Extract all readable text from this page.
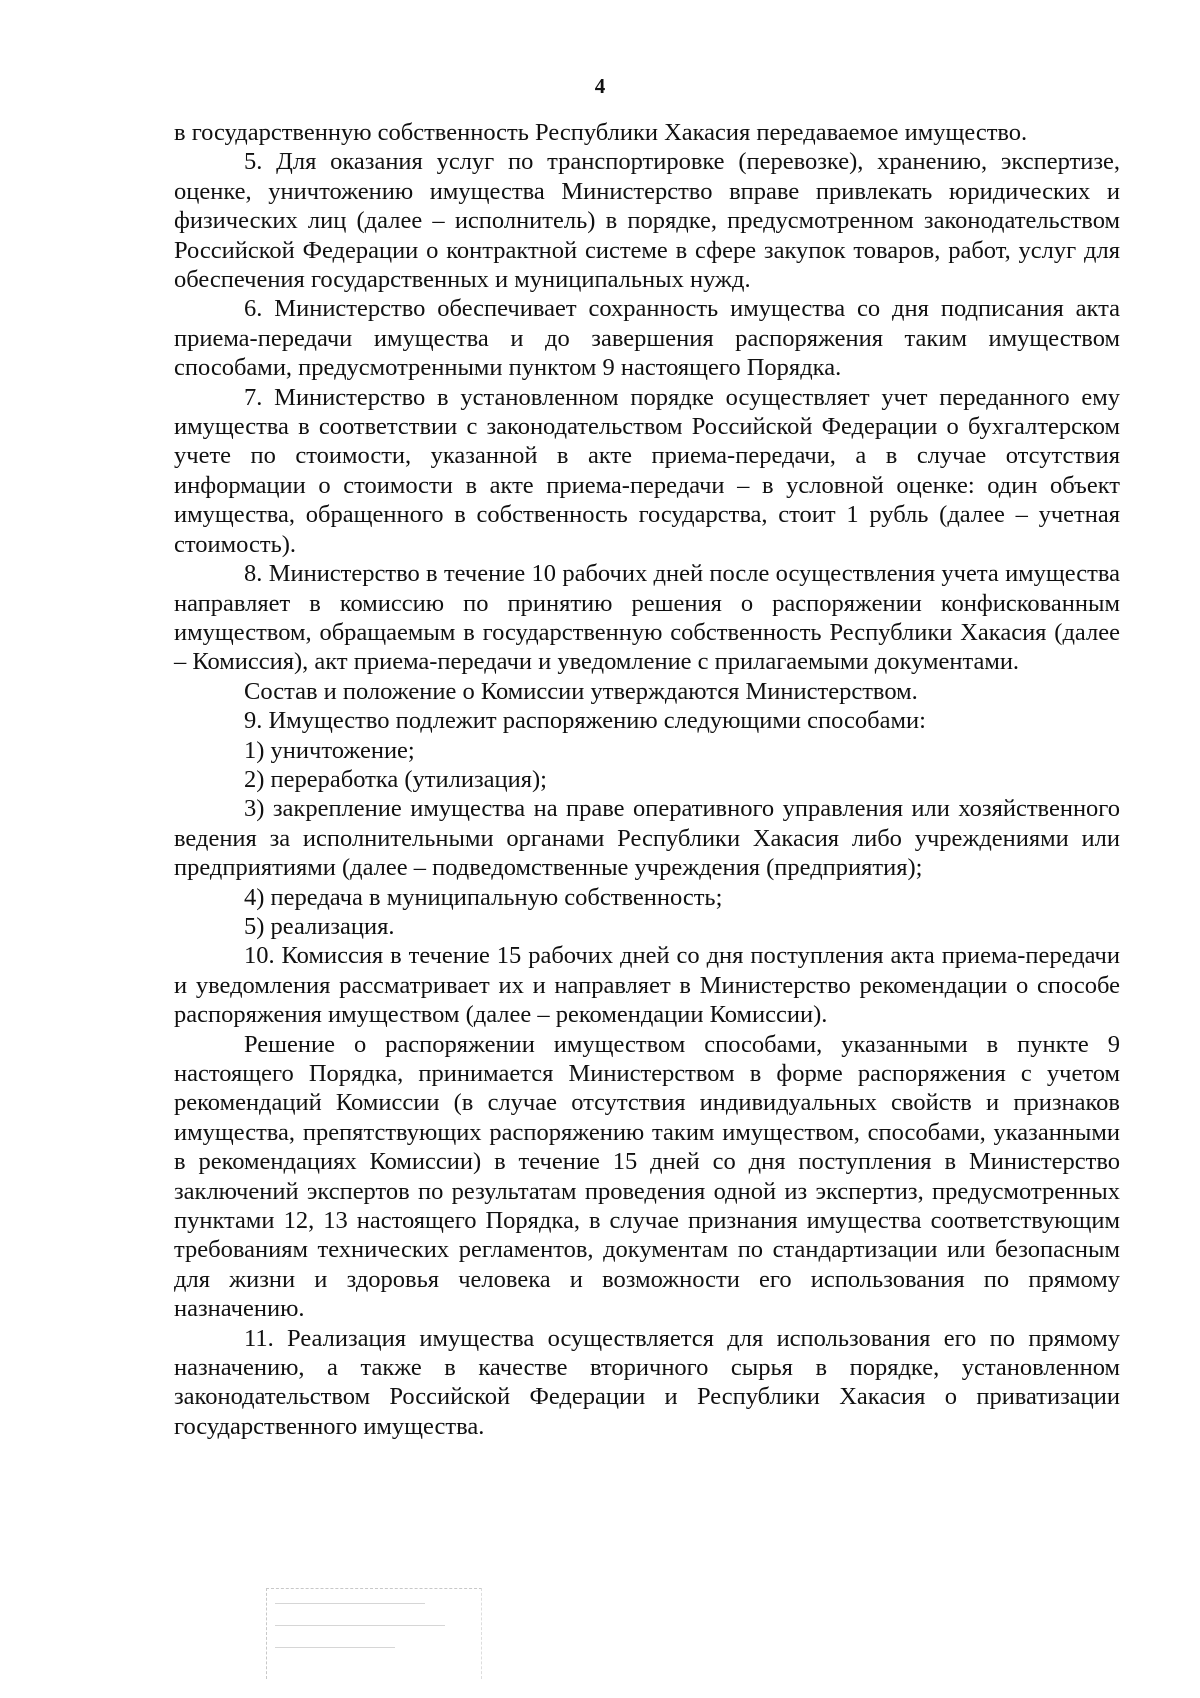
4

в государственную собственность Республики Хакасия передаваемое имущество.

5. Для оказания услуг по транспортировке (перевозке), хранению, экспертизе, оценке, уничтожению имущества Министерство вправе привлекать юридических и физических лиц (далее – исполнитель) в порядке, предусмотренном законодательством Российской Федерации о контрактной системе в сфере закупок товаров, работ, услуг для обеспечения государственных и муниципальных нужд.

6. Министерство обеспечивает сохранность имущества со дня подписания акта приема-передачи имущества и до завершения распоряжения таким имуществом способами, предусмотренными пунктом 9 настоящего Порядка.

7. Министерство в установленном порядке осуществляет учет переданного ему имущества в соответствии с законодательством Российской Федерации о бухгалтерском учете по стоимости, указанной в акте приема-передачи, а в случае отсутствия информации о стоимости в акте приема-передачи – в условной оценке: один объект имущества, обращенного в собственность государства, стоит 1 рубль (далее – учетная стоимость).

8. Министерство в течение 10 рабочих дней после осуществления учета имущества направляет в комиссию по принятию решения о распоряжении конфискованным имуществом, обращаемым в государственную собственность Республики Хакасия (далее – Комиссия), акт приема-передачи и уведомление с прилагаемыми документами.

Состав и положение о Комиссии утверждаются Министерством.

9. Имущество подлежит распоряжению следующими способами:

1) уничтожение;

2) переработка (утилизация);

3) закрепление имущества на праве оперативного управления или хозяйственного ведения за исполнительными органами Республики Хакасия либо учреждениями или предприятиями (далее – подведомственные учреждения (предприятия);

4) передача в муниципальную собственность;

5) реализация.

10. Комиссия в течение 15 рабочих дней со дня поступления акта приема-передачи и уведомления рассматривает их и направляет в Министерство рекомендации о способе распоряжения имуществом (далее – рекомендации Комиссии).

Решение о распоряжении имуществом способами, указанными в пункте 9 настоящего Порядка, принимается Министерством в форме распоряжения с учетом рекомендаций Комиссии (в случае отсутствия индивидуальных свойств и признаков имущества, препятствующих распоряжению таким имуществом, способами, указанными в рекомендациях Комиссии) в течение 15 дней со дня поступления в Министерство заключений экспертов по результатам проведения одной из экспертиз, предусмотренных пунктами 12, 13 настоящего Порядка, в случае признания имущества соответствующим требованиям технических регламентов, документам по стандартизации или безопасным для жизни и здоровья человека и возможности его использования по прямому назначению.

11. Реализация имущества осуществляется для использования его по прямому назначению, а также в качестве вторичного сырья в порядке, установленном законодательством Российской Федерации и Республики Хакасия о приватизации государственного имущества.
